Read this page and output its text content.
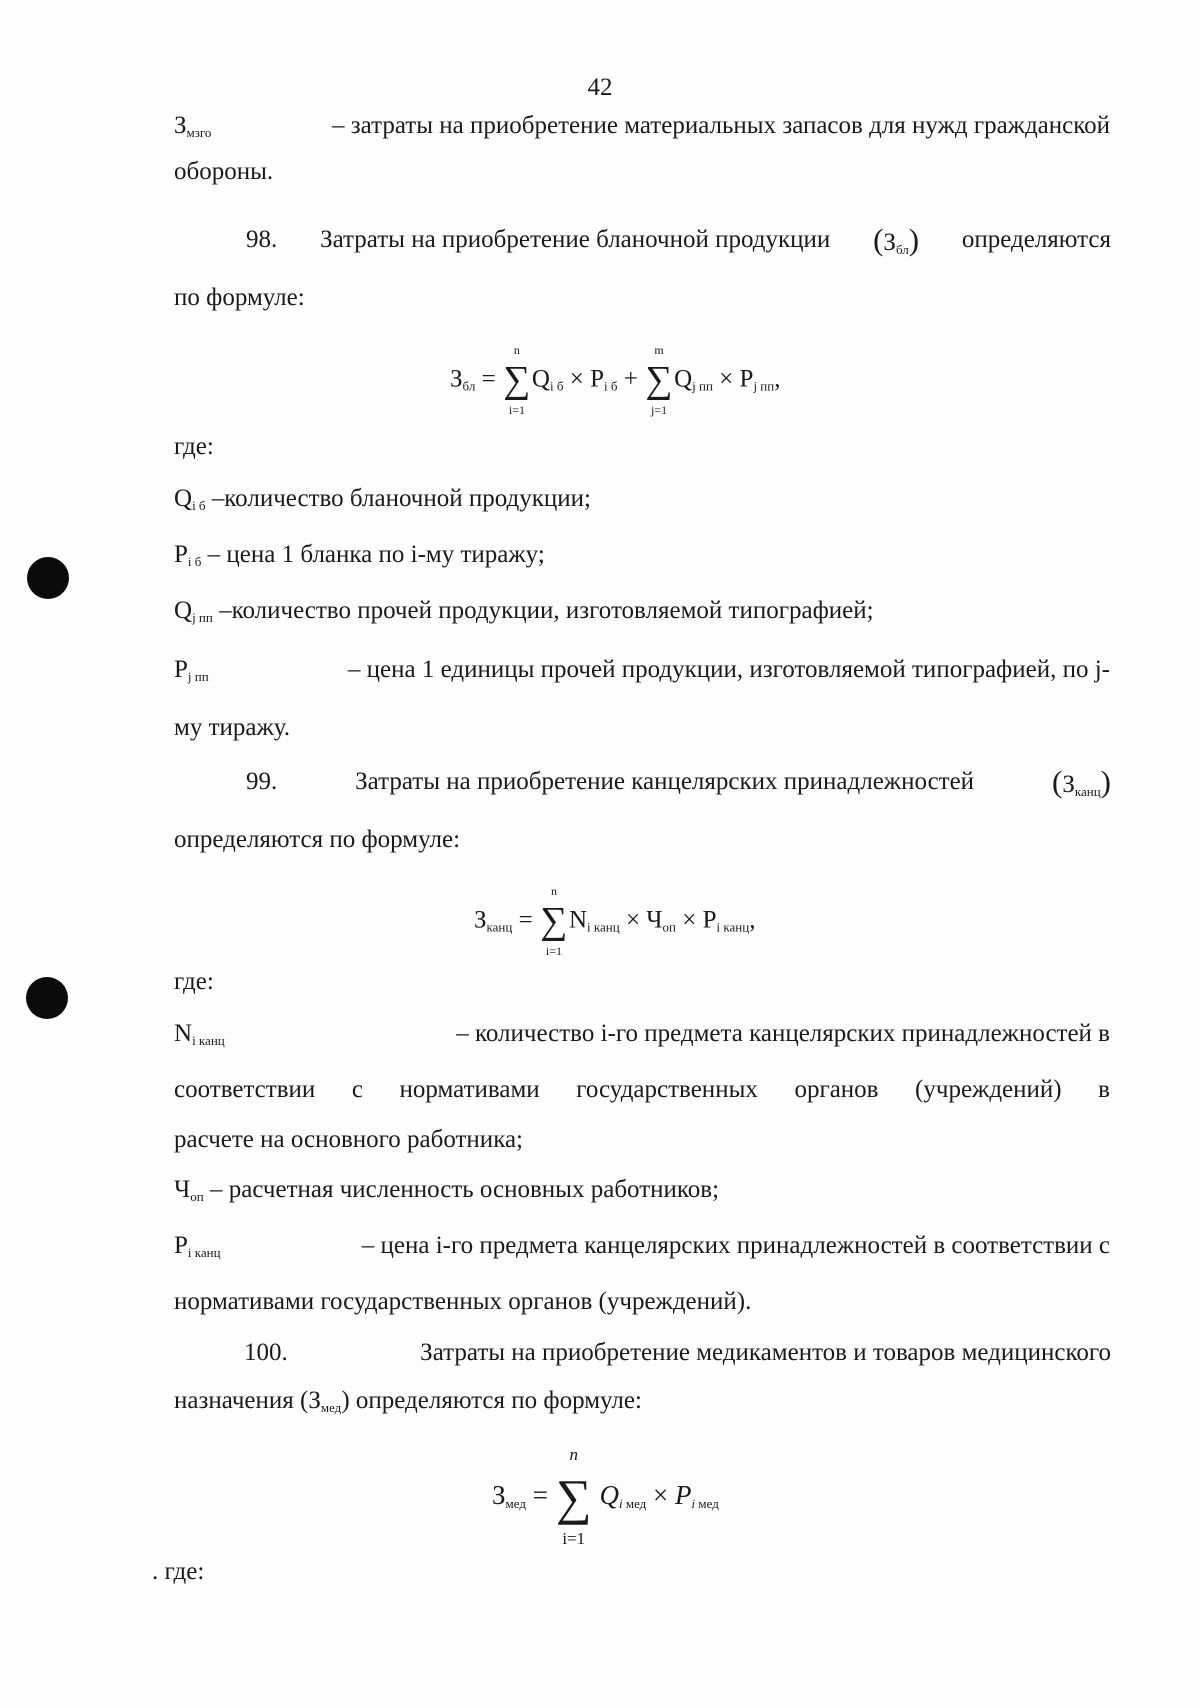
42
$З_{мзго}$	– затраты на приобретение материальных запасов для нужд гражданской
обороны.
98. Затраты на приобретение бланочной продукции $(З_{бл})$ определяются
по формуле:
$З_{бл}$ =
n
∑
i=1
$Q_{i б} \times P_{i б}$ +
m
∑
j=1
$Q_{j пп} \times P_{j пп}$,
где:
$Q_{i б}$ –количество бланочной продукции;
$P_{i б}$ – цена 1 бланка по i-му тиражу;
$Q_{j пп}$ –количество прочей продукции, изготовляемой типографией;
$P_{j пп}$	– цена 1 единицы прочей продукции, изготовляемой типографией, по j-
му тиражу.
99.	Затраты на приобретение канцелярских принадлежностей	$(З_{канц})$
определяются по формуле:
$З_{канц}$ =
n
∑
i=1
$N_{i канц} \times Ч_{оп} \times P_{i канц}$,
где:
$N_{i канц}$	– количество i-го предмета канцелярских принадлежностей в
соответствии с нормативами государственных органов (учреждений) в
расчете на основного работника;
$Ч_{оп}$ – расчетная численность основных работников;
$P_{i канц}$	– цена i-го предмета канцелярских принадлежностей в соответствии с
нормативами государственных органов (учреждений).
100.	Затраты на приобретение медикаментов и товаров медицинского
назначения $(З_{мед})$ определяются по формуле:
$З_{мед}$ =
n
∑
i=1
$Q_{i мед} \times P_{i мед}$
. где:
